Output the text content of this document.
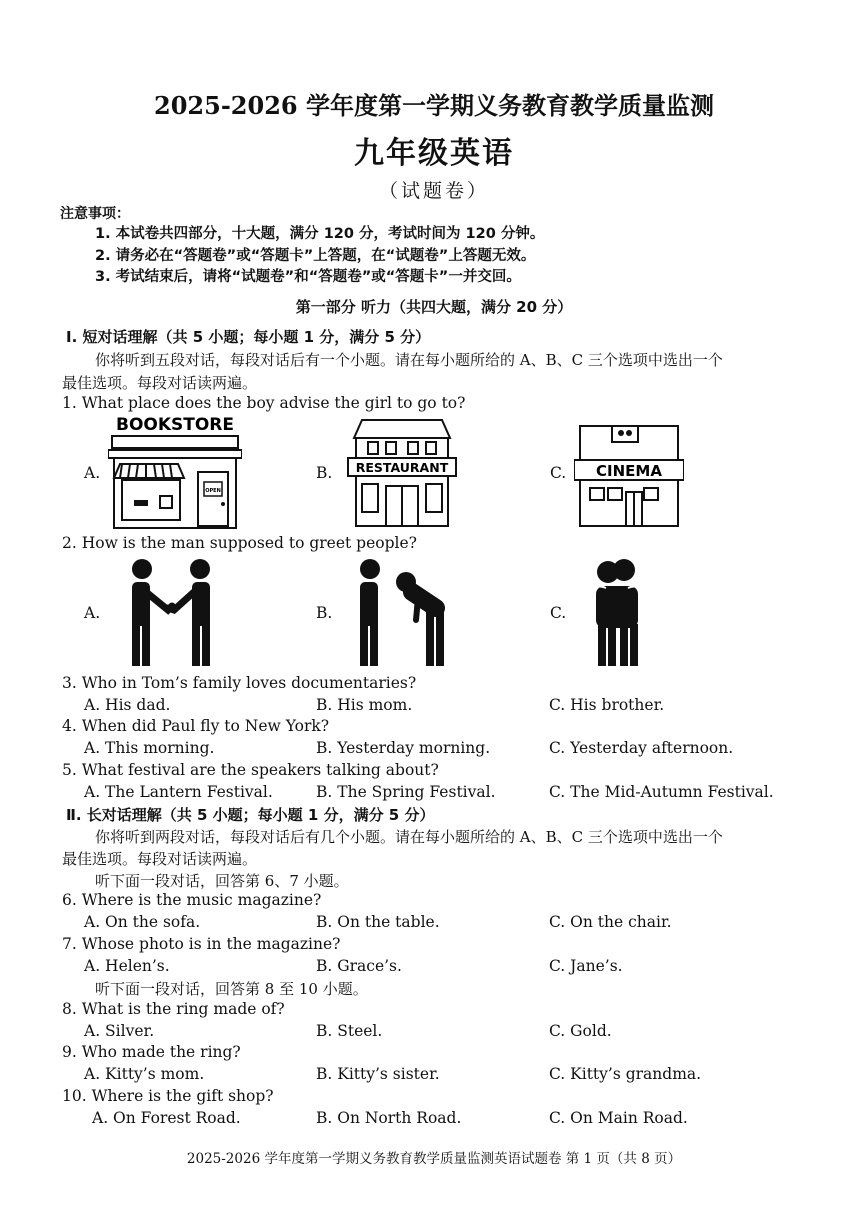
2025-2026 学年度第一学期义务教育教学质量监测
九年级英语
（试题卷）
注意事项：
1. 本试卷共四部分，十大题，满分 120 分，考试时间为 120 分钟。
2. 请务必在“答题卷”或“答题卡”上答题，在“试题卷”上答题无效。
3. 考试结束后，请将“试题卷”和“答题卷”或“答题卡”一并交回。
第一部分 听力（共四大题，满分 20 分）
Ⅰ. 短对话理解（共 5 小题；每小题 1 分，满分 5 分）
你将听到五段对话，每段对话后有一个小题。请在每小题所给的 A、B、C 三个选项中选出一个
最佳选项。每段对话读两遍。
1. What place does the boy advise the girl to go to?
A.	B.	C.
BOOKSTORE
OPEN
RESTAURANT	CINEMA
2. How is the man supposed to greet people?
A.	B.	C.
3. Who in Tom’s family loves documentaries?
A. His dad.	B. His mom.	C. His brother.
4. When did Paul fly to New York?
A. This morning.	B. Yesterday morning.	C. Yesterday afternoon.
5. What festival are the speakers talking about?
A. The Lantern Festival.	B. The Spring Festival.	C. The Mid-Autumn Festival.
Ⅱ. 长对话理解（共 5 小题；每小题 1 分，满分 5 分）
你将听到两段对话，每段对话后有几个小题。请在每小题所给的 A、B、C 三个选项中选出一个
最佳选项。每段对话读两遍。
听下面一段对话，回答第 6、7 小题。
6. Where is the music magazine?
A. On the sofa.	B. On the table.	C. On the chair.
7. Whose photo is in the magazine?
A. Helen’s.	B. Grace’s.	C. Jane’s.
听下面一段对话，回答第 8 至 10 小题。
8. What is the ring made of?
A. Silver.	B. Steel.	C. Gold.
9. Who made the ring?
A. Kitty’s mom.	B. Kitty’s sister.	C. Kitty’s grandma.
10. Where is the gift shop?
A. On Forest Road.	B. On North Road.	C. On Main Road.
2025-2026 学年度第一学期义务教育教学质量监测英语试题卷 第 1 页（共 8 页）
